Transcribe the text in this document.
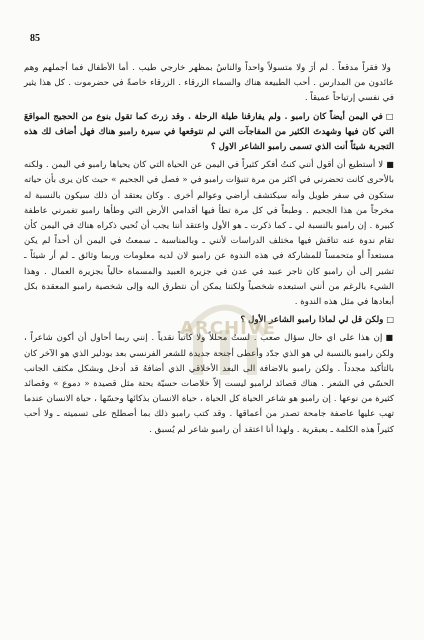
85
ARCHIVE

ولا فقراً مدقعاً . لم أرَ ولا متسولاً واحداً والناسُ بمظهر خارجي طيب . أما الأطفال فما أجملهم وهم عائدون من المدارس . أحب الطبيعة هناك والسماء الزرقاء . الزرقاء خاصةً في حضرموت . كل هذا يثير في نفسي إرتياحاً عميقاً .

□في اليمن أيضاً كان رامبو . ولم يفارقنا طيلة الرحلة . وقد زرتَ كما تقول بنوع من الحجيج المواقعَ التي كان فيها وشهدتَ الكثير من المفاجآت التي لم نتوقعها في سيرة رامبو هناك فهل أضاف لك هذه التجربة شيئاً أنت الذي تسمى رامبو الشاعر الاول ؟

■لا أستطيع أن أقول أنني كنتُ أفكر كثيراً في اليمن عن الحياة التي كان يحياها رامبو في اليمن . ولكنه بالأحرى كانت تحضرني في اكثر من مرة تنبؤات رامبو في « فصل في الجحيم » حيث كان يرى بأن حياته ستكون في سفر طويل وأنه سيكتشف أراضي وعوالم أخرى . وكان يعتقد أن ذلك سيكون بالنسبة له مخرجاً من هذا الجحيم . وطبعاً في كل مرة تطأ فيها أقدامي الأرض التي وطأها رامبو تغمرني عاطفة كبيرة . إن رامبو بالنسبة لي ـ كما ذكرت ـ هو الأول واعتقد أننا يجب أن نُحيي ذكراه هناك في اليمن كأن تقام ندوة عنه تناقش فيها مختلف الدراسات لأنني ـ وبالمناسبة ـ سمعتُ في اليمن أن أحداً لم يكن مستعداً أو متحمساً للمشاركة في هذه الندوة عن رامبو لان لديه معلومات وربما وثائق ـ لم أر شيئاً ـ تشير إلى أن رامبو كان تاجر عبيد في عدن في جزيرة العبيد والمسماة حالياً بجزيرة العمال . وهذا الشيء بالرغم من أنني استبعده شخصياً ولكننا يمكن أن نتطرق اليه وإلى شخصية رامبو المعقدة بكل أبعادها في مثل هذه الندوة .

□ولكن قل لي لماذا رامبو الشاعر الأول ؟

■إن هذا على اي حال سؤال صعب . لستُ محللاً ولا كاتباً نقدياً . إنني ربما أحاول أن أكون شاعراً ، ولكن رامبو بالنسبة لي هو الذي جدّد وأعطى أجنحة جديدة للشعر الفرنسي بعد بودلير الذي هو الآخر كان بالتأكيد مجدداً . ولكن رامبو بالاضافة الى البعد الأخلاقي الذي أضافهُ قد أدخل وبشكل مكثف الجانب الحسّي في الشعر . هناك قصائد لرامبو ليست إلاّ خلاصات حسيّة بحتة مثل قصيدة « دموع » وقصائد كثيرة من نوعها . إن رامبو هو شاعر الحياة كل الحياة ، حياة الانسان بذكائها وحسّها ، حياة الانسان عندما تهب عليها عاصفة جامحة تصدر من أعماقها . وقد كتب رامبو ذلك بما أصطلح على تسميته ـ ولا أحب كثيراً هذه الكلمة ـ بعبقرية . ولهذا أنا اعتقد أن رامبو شاعر لم يُسبق .
